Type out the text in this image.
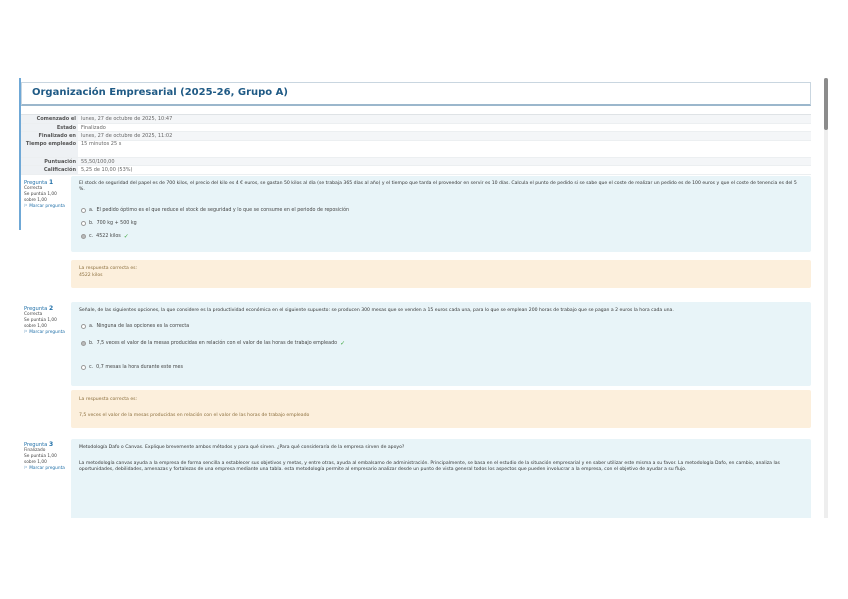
Organización Empresarial (2025-26, Grupo A)
Comenzado el	lunes, 27 de octubre de 2025, 10:47
Estado	Finalizado
Finalizado en	lunes, 27 de octubre de 2025, 11:02
Tiempo empleado	15 minutos 25 s
Puntuación	55,50/100,00
Calificación	5,25 de 10,00 (53%)
Pregunta 1
Correcta
Se puntúa 1,00 sobre 1,00
⚐ Marcar pregunta
El stock de seguridad del papel es de 700 kilos, el precio del kilo es 4 € euros, se gastan 50 kilos al día (se trabaja 365 días al año) y el tiempo que tarda el proveedor en servir es 10 días. Calcula el punto de pedido si se sabe que el coste de realizar un pedido es de 100 euros y que el coste de tenencia es del 5 %.
a. El pedido óptimo es el que reduce el stock de seguridad y lo que se consume en el periodo de reposición
b. 700 kg + 500 kg
c. 4522 kilos ✓
La respuesta correcta es:
4522 kilos
Pregunta 2
Correcta
Se puntúa 1,00 sobre 1,00
⚐ Marcar pregunta
Señale, de las siguientes opciones, la que considere es la productividad económica en el siguiente supuesto: se producen 300 mesas que se venden a 15 euros cada una, para lo que se emplean 200 horas de trabajo que se pagan a 2 euros la hora cada una.
a. Ninguna de las opciones es la correcta
b. 7,5 veces el valor de la mesas producidas en relación con el valor de las horas de trabajo empleado ✓
c. 0,7 mesas la hora durante este mes
La respuesta correcta es:
7,5 veces el valor de la mesas producidas en relación con el valor de las horas de trabajo empleado
Pregunta 3
Finalizado
Se puntúa 1,00 sobre 1,00
⚐ Marcar pregunta
Metodología Dafo o Canvas. Explique brevemente ambos métodos y para qué sirven. ¿Para qué consideraría de la empresa sirven de apoyo?
La metodología canvas ayuda a la empresa de forma sencilla a establecer sus objetivos y metas, y entre otras, ayuda al embalsamo de administración. Principalmente, se basa en el estudio de la situación empresarial y en saber utilizar este misma a su favor. La metodología Dafo, en cambio, analiza las oportunidades, debilidades, amenazas y fortalezas de una empresa mediante una tabla. esta metodología permite al empresario analizar desde un punto de vista general todos los aspectos que pueden involucrar a la empresa, con el objetivo de ayudar a su flujo.
